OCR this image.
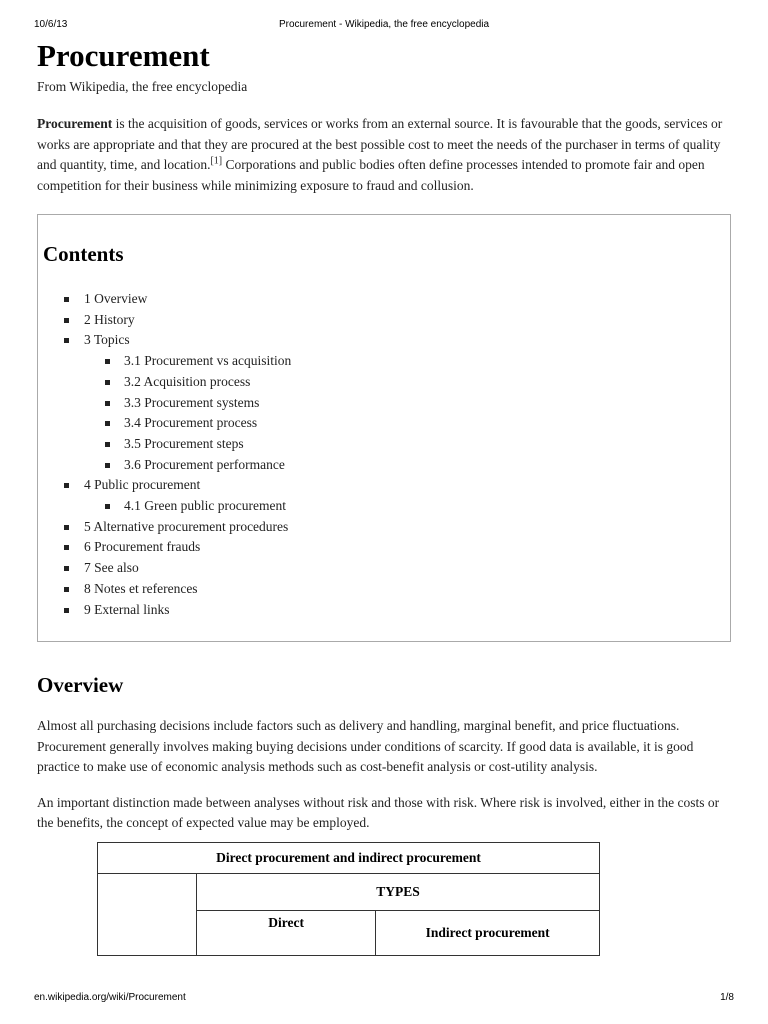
10/6/13	Procurement - Wikipedia, the free encyclopedia
Procurement
From Wikipedia, the free encyclopedia

Procurement is the acquisition of goods, services or works from an external source. It is favourable that the goods, services or works are appropriate and that they are procured at the best possible cost to meet the needs of the purchaser in terms of quality and quantity, time, and location.[1] Corporations and public bodies often define processes intended to promote fair and open competition for their business while minimizing exposure to fraud and collusion.

Contents
1 Overview
2 History
3 Topics
3.1 Procurement vs acquisition
3.2 Acquisition process
3.3 Procurement systems
3.4 Procurement process
3.5 Procurement steps
3.6 Procurement performance
4 Public procurement
4.1 Green public procurement
5 Alternative procurement procedures
6 Procurement frauds
7 See also
8 Notes et references
9 External links
Overview

Almost all purchasing decisions include factors such as delivery and handling, marginal benefit, and price fluctuations. Procurement generally involves making buying decisions under conditions of scarcity. If good data is available, it is good practice to make use of economic analysis methods such as cost-benefit analysis or cost-utility analysis.

An important distinction made between analyses without risk and those with risk. Where risk is involved, either in the costs or the benefits, the concept of expected value may be employed.

Direct procurement and indirect procurement		
	TYPES	
	Direct	Indirect procurement
en.wikipedia.org/wiki/Procurement	1/8
